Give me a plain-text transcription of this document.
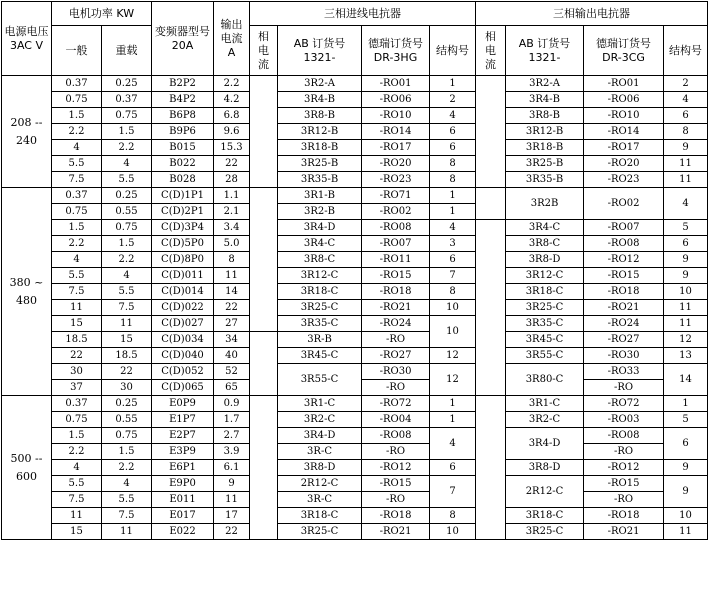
电源电压3AC V	电机功率 KW		变频器型号 20A	输出电流 A	三相进线电抗器				三相输出电抗器			
	一般	重载			相电流	AB 订货号 1321-	德瑞订货号 DR-3HG	结构号	相电流	AB 订货号 1321-	德瑞订货号 DR-3CG	结构号
208 -- 240	0.37	0.25	B2P2	2.2		3R2-A	-RO01	1		3R2-A	-RO01	2
	0.75	0.37	B4P2	4.2		3R4-B	-RO06	2		3R4-B	-RO06	4
	1.5	0.75	B6P8	6.8		3R8-B	-RO10	4		3R8-B	-RO10	6
	2.2	1.5	B9P6	9.6		3R12-B	-RO14	6		3R12-B	-RO14	8
	4	2.2	B015	15.3		3R18-B	-RO17	6		3R18-B	-RO17	9
	5.5	4	B022	22		3R25-B	-RO20	8		3R25-B	-RO20	11
	7.5	5.5	B028	28		3R35-B	-RO23	8		3R35-B	-RO23	11
380 ~ 480	0.37	0.25	C(D)1P1	1.1		3R1-B	-RO71	1		3R2B	-RO02	4
	0.75	0.55	C(D)2P1	2.1		3R2-B	-RO02	1				
	1.5	0.75	C(D)3P4	3.4		3R4-D	-RO08	4		3R4-C	-RO07	5
	2.2	1.5	C(D)5P0	5.0		3R4-C	-RO07	3		3R8-C	-RO08	6
	4	2.2	C(D)8P0	8		3R8-C	-RO11	6		3R8-D	-RO12	9
	5.5	4	C(D)011	11		3R12-C	-RO15	7		3R12-C	-RO15	9
	7.5	5.5	C(D)014	14		3R18-C	-RO18	8		3R18-C	-RO18	10
	11	7.5	C(D)022	22		3R25-C	-RO21	10		3R25-C	-RO21	11
	15	11	C(D)027	27		3R35-C	-RO24	10		3R35-C	-RO24	11
	18.5	15	C(D)034	34		3R-B	-RO			3R45-C	-RO27	12
	22	18.5	C(D)040	40		3R45-C	-RO27	12		3R55-C	-RO30	13
	30	22	C(D)052	52		3R55-C	-RO30	12		3R80-C	-RO33	14
	37	30	C(D)065	65			-RO				-RO	
500 -- 600	0.37	0.25	E0P9	0.9		3R1-C	-RO72	1		3R1-C	-RO72	1
	0.75	0.55	E1P7	1.7		3R2-C	-RO04	1		3R2-C	-RO03	5
	1.5	0.75	E2P7	2.7		3R4-D	-RO08	4		3R4-D	-RO08	6
	2.2	1.5	E3P9	3.9		3R-C	-RO				-RO	
	4	2.2	E6P1	6.1		3R8-D	-RO12	6		3R8-D	-RO12	9
	5.5	4	E9P0	9		2R12-C	-RO15	7		2R12-C	-RO15	9
	7.5	5.5	E011	11		3R-C	-RO				-RO	
	11	7.5	E017	17		3R18-C	-RO18	8		3R18-C	-RO18	10
	15	11	E022	22		3R25-C	-RO21	10		3R25-C	-RO21	11
